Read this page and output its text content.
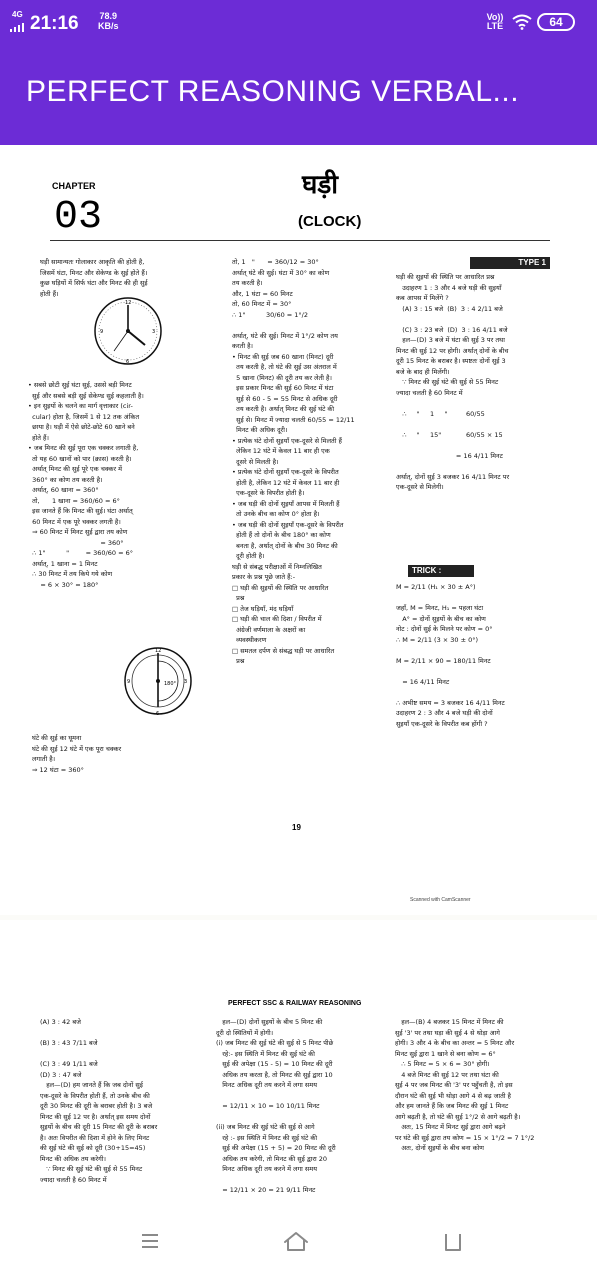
4G 21:16 78.9
KB/s
Vo)) LTE	64
PERFECT REASONING VERBAL...
CHAPTER
03
घड़ी
(CLOCK)
घड़ी सामान्यतः गोलाकार आकृति की होती है,
जिसमें घंटा, मिनट और सेकेण्ड के सुई होते हैं।
कुछ घड़ियों में सिर्फ घंटा और मिनट की ही सुई
होती हैं।
12
3
6
9
• सबसे छोटी सुई घंटा सुई, उससे बड़ी मिनट
सुई और सबसे बड़ी सुई सेकेण्ड सुई कहलाती है।
• इन सुइयों के चलने का मार्ग वृत्ताकार (cir-
cular) होता है, जिसमें 1 से 12 तक अंकित
छाया है। घड़ी में ऐसे छोटे-छोटे 60 खाने बने
होते हैं।
• जब मिनट की सुई पूरा एक चक्कर लगाती है,
तो यह 60 खानों को पार (क्रास) करती है।
अर्थात् मिनट की सुई पूरे एक चक्कर में
360° का कोण तय करती है।
अर्थात्, 60 खाना = 360°
तो,      1 खाना = 360/60 = 6°
इस जानते हैं कि मिनट की सुई। घंटा अर्थात्
60 मिनट में एक पूरे चक्कर लगती है।
⇒ 60 मिनट में मिनट सुई द्वारा तय कोण
= 360°
∴ 1"          "        = 360/60 = 6°
अर्थात्, 1 खाना = 1 मिनट
∴ 30 मिनट में तय किये गये कोण
= 6 × 30° = 180°
180°
12
3
6
9
घंटे की सुई का घूमना
घंटे की सुई 12 घंटे में एक पूरा चक्कर
लगाती है।
⇒ 12 घंटा = 360°
तो, 1   "      = 360/12 = 30°
अर्थात् घंटे की सुई। घंटा में 30° का कोण
तय करती है।
और, 1 घंटा = 60 मिनट
तो, 60 मिनट में = 30°
∴ 1"          30/60 = 1°/2

अर्थात्, घंटे की सुई। मिनट में 1°/2 कोण तय
करती है।
• मिनट की सुई जब 60 खाना (मिनट) दूरी
तय करती है, तो घंटे की सुई उस अंतराल में
5 खाना (मिनट) की दूरी तय कर लेती है।
इस प्रकार मिनट की सुई 60 मिनट में घंटा
सुई से 60 - 5 = 55 मिनट से अधिक दूरी
तय करती है। अर्थात् मिनट की सुई घंटे की
सुई से। मिनट में ज्यादा चलती 60/55 = 12/11
मिनट की अधिक दूरी।
• प्रत्येक घंटे दोनों सुइयाँ एक-दूसरे से मिलती हैं
लेकिन 12 घंटे में केवल 11 बार ही एक
दूसरे से मिलती है।
• प्रत्येक घंटे दोनों सुइयाँ एक-दूसरे के विपरीत
होती है, लेकिन 12 घंटे में केवल 11 बार ही
एक-दूसरे के विपरीत होती है।
• जब घड़ी की दोनों सुइयाँ आपस में मिलती हैं
तो उनके बीच का कोण 0° होता है।
• जब घड़ी की दोनों सुइयाँ एक-दूसरे के विपरीत
होती हैं तो दोनों के बीच 180° का कोण
बनता है, अर्थात् दोनों के बीच 30 मिनट की
दूरी होती है।
घड़ी से संबद्ध परीक्षाओं में निम्नलिखित
प्रकार के प्रश्न पूछे जाते हैं:-
□ घड़ी की सुइयों की स्थिति पर आधारित
प्रश्न
□ तेज घड़ियाँ, मंद घड़ियाँ
□ घड़ी की चाल की दिशा / विपरीत में
अंग्रेजी वर्णमाला के अक्षरों का
व्यवस्थीकरण
□ समतल दर्पण से संबद्ध घड़ी पर आधारित
प्रश्न
TYPE 1
घड़ी की सुइयों की स्थिति पर आधारित प्रश्न
उदाहरण 1 : 3 और 4 बजे घड़ी की सुइयाँ
कब आपस में मिलेंगे ?
(A) 3 : 15 बजे  (B)  3 : 4 2/11 बजे

(C) 3 : 23 बजे  (D)  3 : 16 4/11 बजे
हल—(D) 3 बजे में घंटा की सुई 3 पर तथा
मिनट की सुई 12 पर होगी। अर्थात् दोनों के बीच
दूरी 15 मिनट के बराबर है। स्पष्टतः दोनों सुई 3
बजे के बाद ही मिलेंगी।
∵ मिनट की सुई घंटे की सुई से 55 मिनट
ज्यादा चलती है 60 मिनट में

∴     "     1     "         60/55

∴     "     15"            60/55 × 15

= 16 4/11 मिनट

अर्थात्, दोनों सुई 3 बजकर 16 4/11 मिनट पर
एक-दूसरे से मिलेगी।
TRICK :
M = 2/11 (H₁ × 30 ± A°)

जहाँ, M = मिनट, H₁ = पहला घंटा
A° = दोनों सुइयों के बीच का कोण
नोट : दोनों सुई के मिलने पर कोण = 0°
∴ M = 2/11 (3 × 30 ± 0°)

M = 2/11 × 90 = 180/11 मिनट

= 16 4/11 मिनट

∴ अभीष्ट समय = 3 बजकर 16 4/11 मिनट
उदाहरण 2 : 3 और 4 बजे घड़ी की दोनों
सुइयाँ एक-दूसरे के विपरीत कब होंगी ?
19
Scanned with CamScanner
PERFECT SSC & RAILWAY REASONING
(A) 3 : 42 बजे

(B) 3 : 43 7/11 बजे

(C) 3 : 49 1/11 बजे
(D) 3 : 47 बजे
हल—(D) हम जानते हैं कि जब दोनों सुई
एक-दूसरे के विपरीत होती हैं, तो उनके बीच की
दूरी 30 मिनट की दूरी के बराबर होती है। 3 बजे
मिनट की सुई 12 पर है। अर्थात् इस समय दोनों
सुइयों के बीच की दूरी 15 मिनट की दूरी के बराबर
है। अतः विपरीत की दिशा में होने के लिए मिनट
की सुई घंटे की सुई को दूरी (30+15=45)
मिनट की अधिक तय करेगी।
∵ मिनट की सुई घंटे की सुई से 55 मिनट
ज्यादा चलती है 60 मिनट में
हल—(D) दोनों सुइयों के बीच 5 मिनट की
दूरी दो स्थितियों में होगी।
(i) जब मिनट की सुई घंटे की सुई से 5 मिनट पीछे
रहे:- इस स्थिति में मिनट की सुई घंटे की
सुई की अपेक्षा (15 - 5) = 10 मिनट की दूरी
अधिक तय करता है, तो मिनट की सुई द्वारा 10
मिनट अधिक दूरी तय करने में लगा समय

= 12/11 × 10 = 10 10/11 मिनट

(ii) जब मिनट की सुई घंटे की सुई से आगे
रहे :- इस स्थिति में मिनट की सुई घंटे की
सुई की अपेक्षा (15 + 5) = 20 मिनट की दूरी
अधिक तय करेगी, तो मिनट की सुई द्वारा 20
मिनट अधिक दूरी तय करने में लगा समय

= 12/11 × 20 = 21 9/11 मिनट
हल—(B) 4 बजकर 15 मिनट में मिनट की
सुई '3' पर तथा घड़ा की सुई 4 से थोड़ा आगे
होगी। 3 और 4 के बीच का अन्तर = 5 मिनट और
मिनट सुई द्वारा 1 खाने से बना कोण = 6°
∴ 5 मिनट = 5 × 6 = 30° होगी।
4 बजे मिनट की सुई 12 पर तथा घंटा की
सुई 4 पर जब मिनट की '3' पर पहुँचती है, तो इस
दौरान घंटे की सुई भी थोड़ा आगे 4 से बढ़ जाती है
और हम जानते हैं कि जब मिनट की सुई 1 मिनट
आगे बढ़ती है, तो घंटे की सुई 1°/2 से आगे बढ़ती है।
अतः, 15 मिनट में मिनट सुई द्वारा आगे बढ़ने
पर घंटे की सुई द्वारा तय कोण = 15 × 1°/2 = 7 1°/2
अतः, दोनों सुइयों के बीच बना कोण
